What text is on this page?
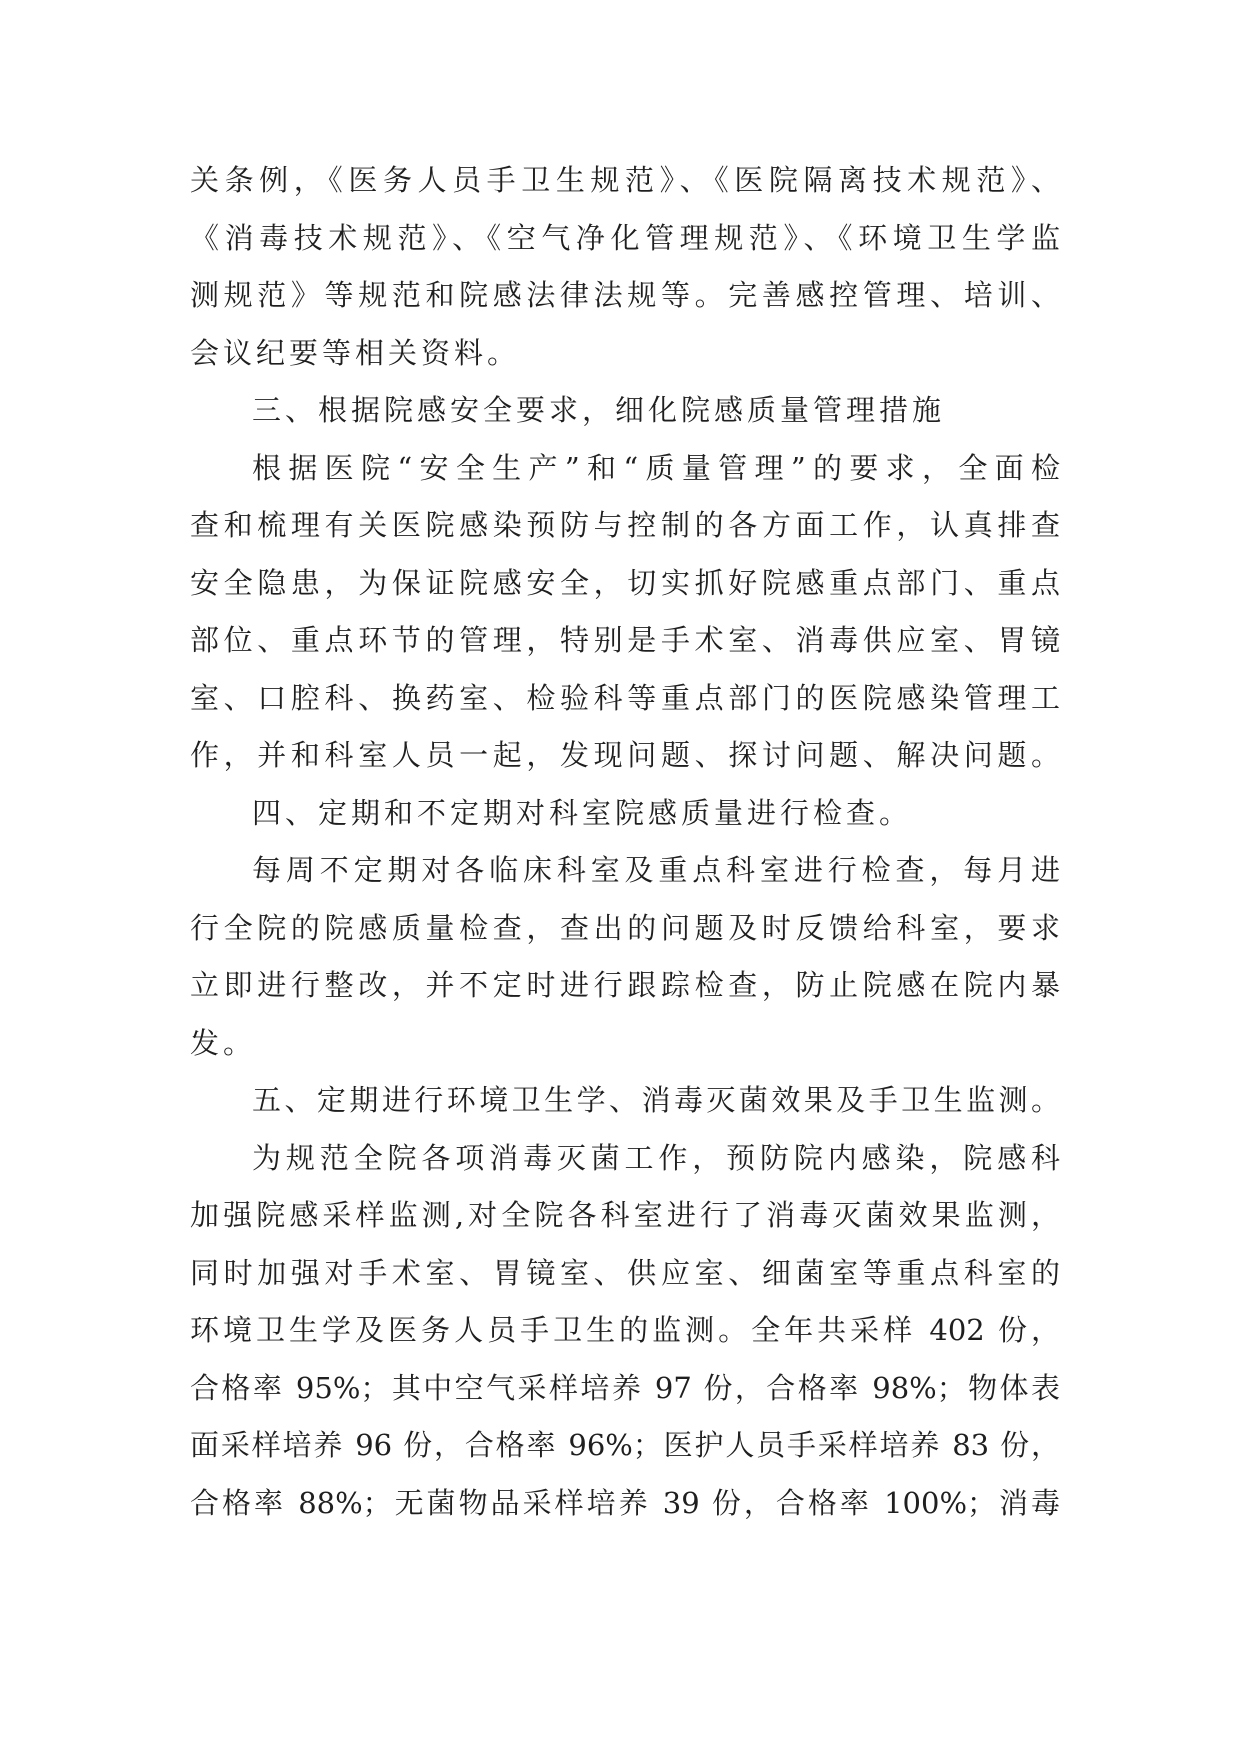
关条例，《医务人员手卫生规范》、《医院隔离技术规范》、
《消毒技术规范》、《空气净化管理规范》、《环境卫生学监
测规范》等规范和院感法律法规等。完善感控管理、培训、
会议纪要等相关资料。
三、根据院感安全要求，细化院感质量管理措施
根据医院“安全生产”和“质量管理”的要求，全面检
查和梳理有关医院感染预防与控制的各方面工作，认真排查
安全隐患，为保证院感安全，切实抓好院感重点部门、重点
部位、重点环节的管理，特别是手术室、消毒供应室、胃镜
室、口腔科、换药室、检验科等重点部门的医院感染管理工
作，并和科室人员一起，发现问题、探讨问题、解决问题。
四、定期和不定期对科室院感质量进行检查。
每周不定期对各临床科室及重点科室进行检查，每月进
行全院的院感质量检查，查出的问题及时反馈给科室，要求
立即进行整改，并不定时进行跟踪检查，防止院感在院内暴
发。
五、定期进行环境卫生学、消毒灭菌效果及手卫生监测。
为规范全院各项消毒灭菌工作，预防院内感染，院感科
加强院感采样监测,对全院各科室进行了消毒灭菌效果监测，
同时加强对手术室、胃镜室、供应室、细菌室等重点科室的
环境卫生学及医务人员手卫生的监测。全年共采样 402 份，
合格率 95%；其中空气采样培养 97 份，合格率 98%；物体表
面采样培养 96 份，合格率 96%；医护人员手采样培养 83 份，
合格率 88%；无菌物品采样培养 39 份，合格率 100%；消毒
